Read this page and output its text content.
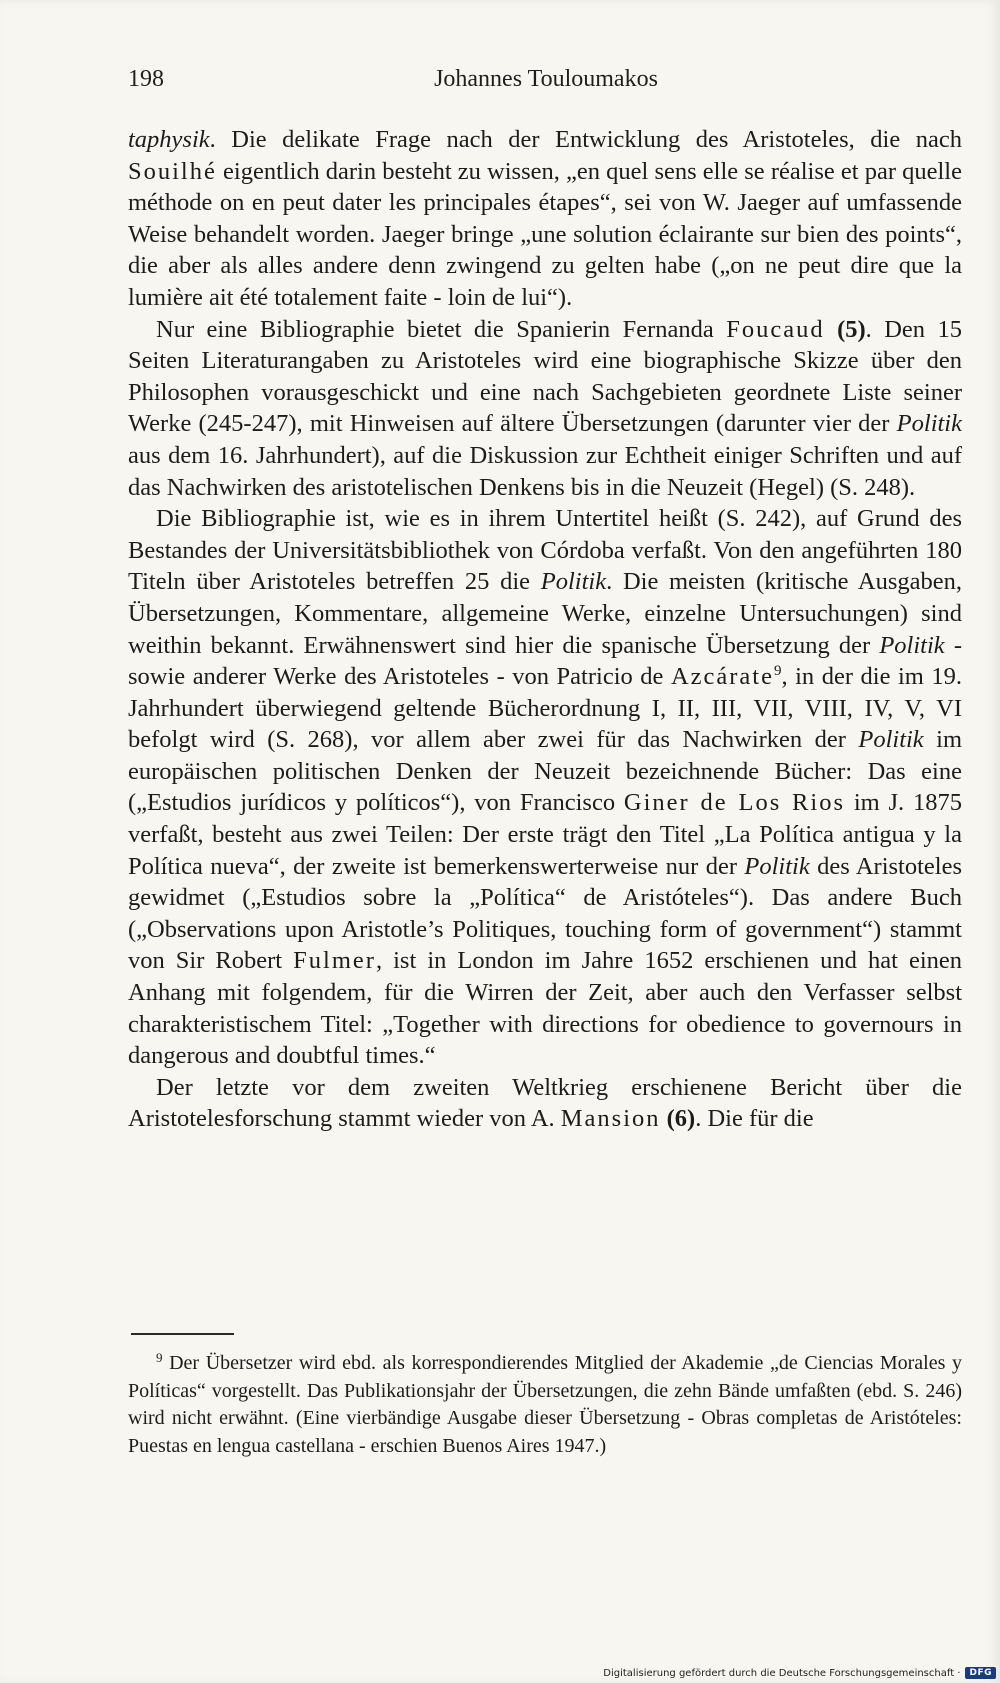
198	Johannes Touloumakos

taphysik. Die delikate Frage nach der Entwicklung des Aristoteles, die nach Souilhé eigentlich darin besteht zu wissen, „en quel sens elle se réalise et par quelle méthode on en peut dater les principales étapes“, sei von W. Jaeger auf umfassende Weise behandelt worden. Jaeger bringe „une solution éclairante sur bien des points“, die aber als alles andere denn zwingend zu gelten habe („on ne peut dire que la lumière ait été totalement faite - loin de lui“).

Nur eine Bibliographie bietet die Spanierin Fernanda Foucaud (5). Den 15 Seiten Literaturangaben zu Aristoteles wird eine biographische Skizze über den Philosophen vorausgeschickt und eine nach Sachgebieten geordnete Liste seiner Werke (245-247), mit Hinweisen auf ältere Übersetzungen (darunter vier der Politik aus dem 16. Jahrhundert), auf die Diskussion zur Echtheit einiger Schriften und auf das Nachwirken des aristotelischen Denkens bis in die Neuzeit (Hegel) (S. 248).

Die Bibliographie ist, wie es in ihrem Untertitel heißt (S. 242), auf Grund des Bestandes der Universitätsbibliothek von Córdoba verfaßt. Von den angeführten 180 Titeln über Aristoteles betreffen 25 die Politik. Die meisten (kritische Ausgaben, Übersetzungen, Kommentare, allgemeine Werke, einzelne Untersuchungen) sind weithin bekannt. Erwähnenswert sind hier die spanische Übersetzung der Politik - sowie anderer Werke des Aristoteles - von Patricio de Azcárate$^9$, in der die im 19. Jahrhundert überwiegend geltende Bücherordnung I, II, III, VII, VIII, IV, V, VI befolgt wird (S. 268), vor allem aber zwei für das Nachwirken der Politik im europäischen politischen Denken der Neuzeit bezeichnende Bücher: Das eine („Estudios jurídicos y políticos“), von Francisco Giner de Los Rios im J. 1875 verfaßt, besteht aus zwei Teilen: Der erste trägt den Titel „La Política antigua y la Política nueva“, der zweite ist bemerkenswerterweise nur der Politik des Aristoteles gewidmet („Estudios sobre la „Política“ de Aristóteles“). Das andere Buch („Observations upon Aristotle’s Politiques, touching form of government“) stammt von Sir Robert Fulmer, ist in London im Jahre 1652 erschienen und hat einen Anhang mit folgendem, für die Wirren der Zeit, aber auch den Verfasser selbst charakteristischem Titel: „Together with directions for obedience to governours in dangerous and doubtful times.“

Der letzte vor dem zweiten Weltkrieg erschienene Bericht über die Aristotelesforschung stammt wieder von A. Mansion (6). Die für die

$^9$ Der Übersetzer wird ebd. als korrespondierendes Mitglied der Akademie „de Ciencias Morales y Políticas“ vorgestellt. Das Publikationsjahr der Übersetzungen, die zehn Bände umfaßten (ebd. S. 246) wird nicht erwähnt. (Eine vierbändige Ausgabe dieser Übersetzung - Obras completas de Aristóteles: Puestas en lengua castellana - erschien Buenos Aires 1947.)

Digitalisierung gefördert durch die Deutsche Forschungsgemeinschaft ·	DFG
